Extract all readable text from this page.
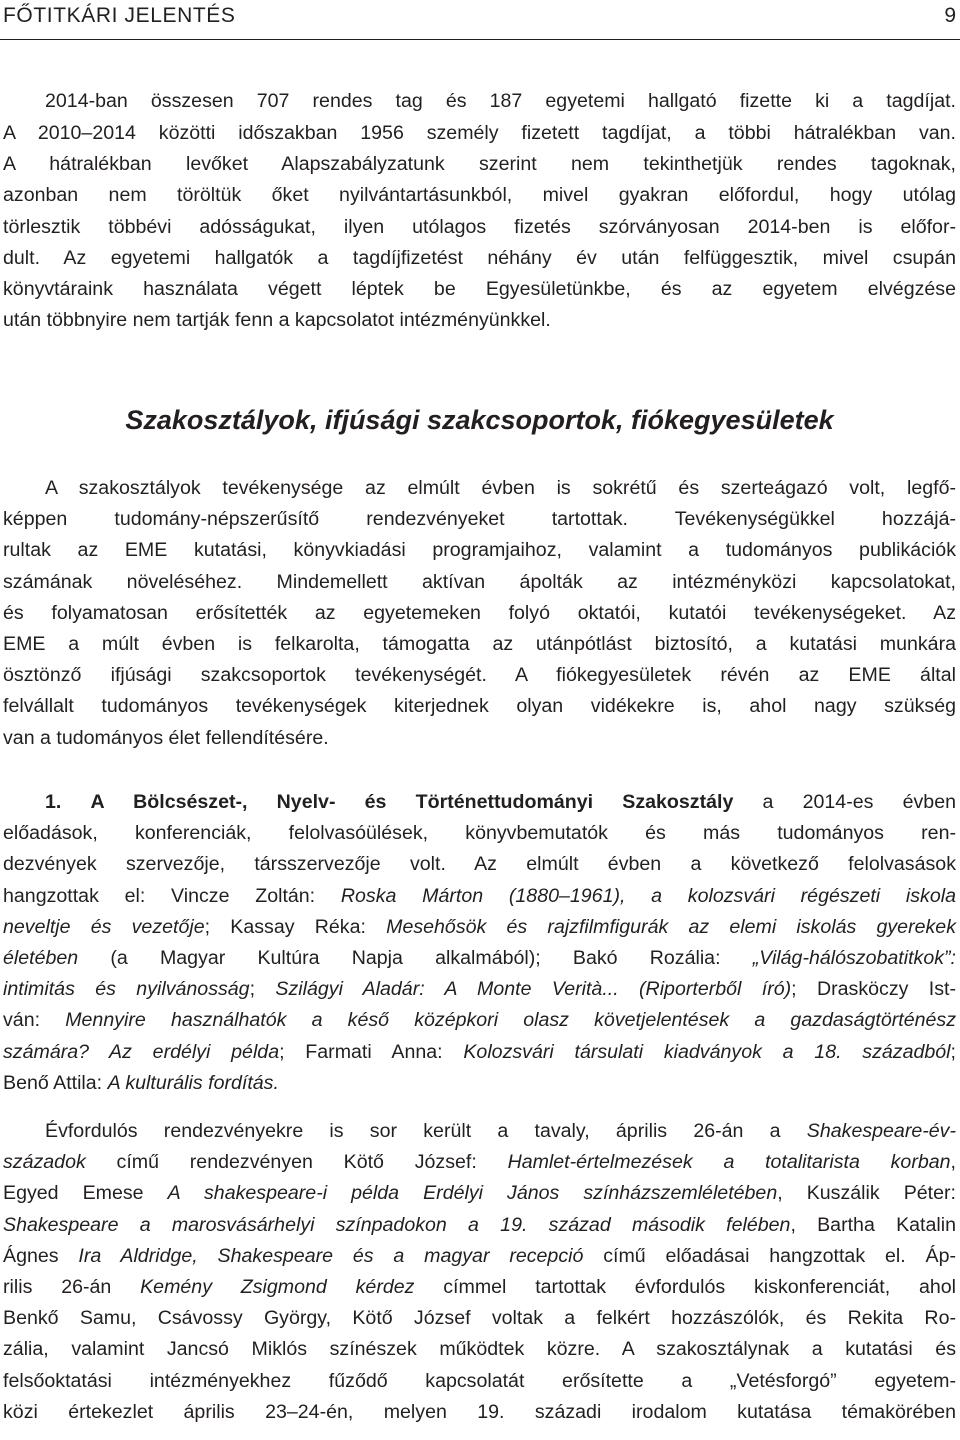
FŐTITKÁRI JELENTÉS	9
2014-ban összesen 707 rendes tag és 187 egyetemi hallgató fizette ki a tagdíjat.
A 2010–2014 közötti időszakban 1956 személy fizetett tagdíjat, a többi hátralékban van.
A hátralékban levőket Alapszabályzatunk szerint nem tekinthetjük rendes tagoknak,
azonban nem töröltük őket nyilvántartásunkból, mivel gyakran előfordul, hogy utólag
törlesztik többévi adósságukat, ilyen utólagos fizetés szórványosan 2014-ben is előfor-
dult. Az egyetemi hallgatók a tagdíjfizetést néhány év után felfüggesztik, mivel csupán
könyvtáraink használata végett léptek be Egyesületünkbe, és az egyetem elvégzése
után többnyire nem tartják fenn a kapcsolatot intézményünkkel.
Szakosztályok, ifjúsági szakcsoportok, fiókegyesületek
A szakosztályok tevékenysége az elmúlt évben is sokrétű és szerteágazó volt, legfő-
képpen tudomány-népszerűsítő rendezvényeket tartottak. Tevékenységükkel hozzájá-
rultak az EME kutatási, könyvkiadási programjaihoz, valamint a tudományos publikációk
számának növeléséhez. Mindemellett aktívan ápolták az intézményközi kapcsolatokat,
és folyamatosan erősítették az egyetemeken folyó oktatói, kutatói tevékenységeket. Az
EME a múlt évben is felkarolta, támogatta az utánpótlást biztosító, a kutatási munkára
ösztönző ifjúsági szakcsoportok tevékenységét. A fiókegyesületek révén az EME által
felvállalt tudományos tevékenységek kiterjednek olyan vidékekre is, ahol nagy szükség
van a tudományos élet fellendítésére.
1. A Bölcsészet-, Nyelv- és Történettudományi Szakosztály a 2014-es évben
előadások, konferenciák, felolvasóülések, könyvbemutatók és más tudományos ren-
dezvények szervezője, társszervezője volt. Az elmúlt évben a következő felolvasások
hangzottak el: Vincze Zoltán: Roska Márton (1880–1961), a kolozsvári régészeti iskola
neveltje és vezetője; Kassay Réka: Mesehősök és rajzfilmfigurák az elemi iskolás gyerekek
életében (a Magyar Kultúra Napja alkalmából); Bakó Rozália: „Világ-hálószobatitkok”:
intimitás és nyilvánosság; Szilágyi Aladár: A Monte Verità... (Riporterből író); Drasköczy Ist-
ván: Mennyire használhatók a késő középkori olasz követjelentések a gazdaságtörténész
számára? Az erdélyi példa; Farmati Anna: Kolozsvári társulati kiadványok a 18. századból;
Benő Attila: A kulturális fordítás.
Évfordulós rendezvényekre is sor került a tavaly, április 26-án a Shakespeare-év-
századok című rendezvényen Kötő József: Hamlet-értelmezések a totalitarista korban,
Egyed Emese A shakespeare-i példa Erdélyi János színházszemléletében, Kuszálik Péter:
Shakespeare a marosvásárhelyi színpadokon a 19. század második felében, Bartha Katalin
Ágnes Ira Aldridge, Shakespeare és a magyar recepció című előadásai hangzottak el. Áp-
rilis 26-án Kemény Zsigmond kérdez címmel tartottak évfordulós kiskonferenciát, ahol
Benkő Samu, Csávossy György, Kötő József voltak a felkért hozzászólók, és Rekita Ro-
zália, valamint Jancsó Miklós színészek működtek közre. A szakosztálynak a kutatási és
felsőoktatási intézményekhez fűződő kapcsolatát erősítette a „Vetésforgó” egyetem-
közi értekezlet április 23–24-én, melyen 19. századi irodalom kutatása témakörében
